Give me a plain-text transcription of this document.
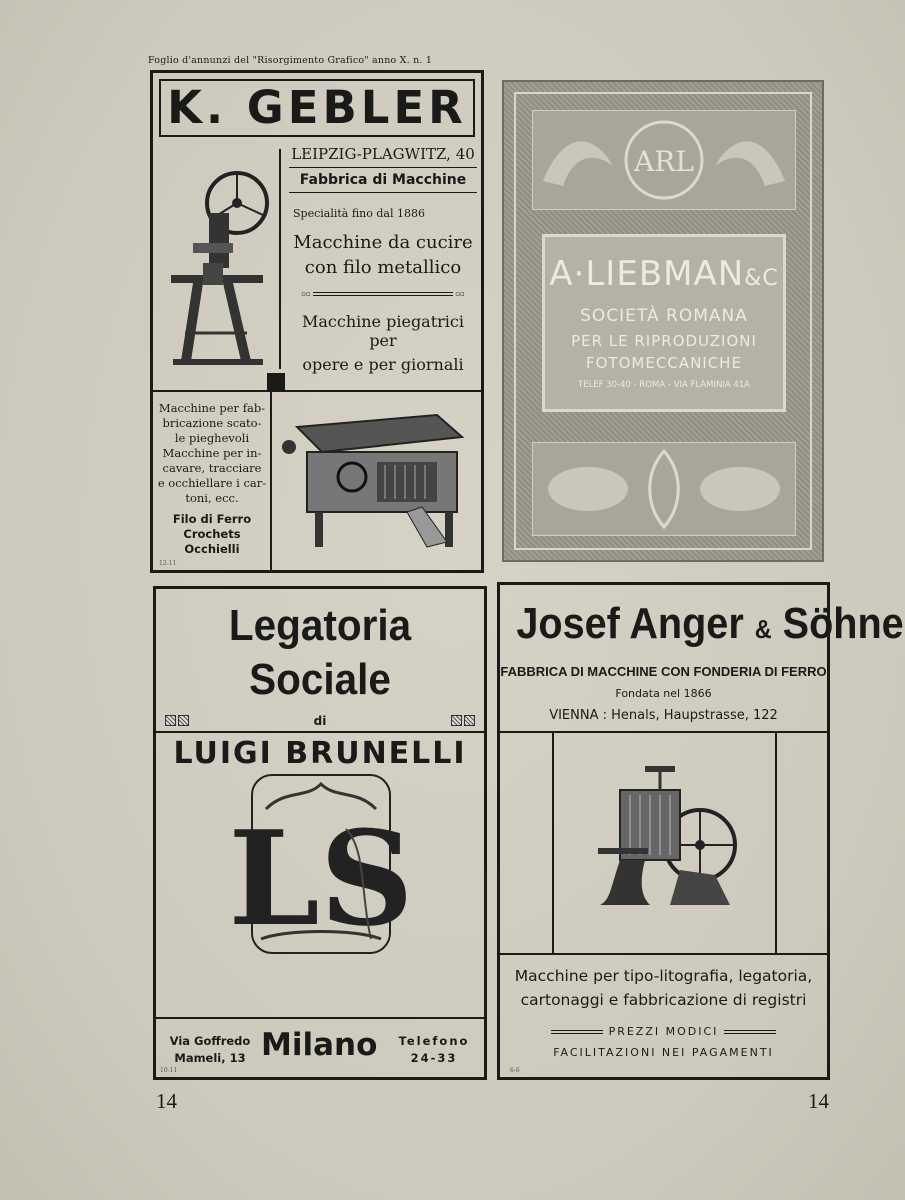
Foglio d'annunzi del "Risorgimento Grafico" anno X. n. 1
K. GEBLER
LEIPZIG-PLAGWITZ, 40
Fabbrica di Macchine
Specialità fino dal 1886
Macchine da cucire
con filo metallico
▫▫	▫▫
Macchine piegatrici per
opere e per giornali
Macchine per fab-
bricazione scato-
le pieghevoli
Macchine per in-
cavare, tracciare
e occhiellare i car-
toni, ecc.
Filo di Ferro
Crochets
Occhielli
12-11
ARL
A·LIEBMAN&C
SOCIETÀ ROMANA
PER LE RIPRODUZIONI
FOTOMECCANICHE
TELEF 30-40 - ROMA - VIA FLAMINIA 41A
Legatoria Sociale
di
LUIGI BRUNELLI
LS
Via Goffredo
Mameli, 13 Milano	Telefono
24-33
10-11
Josef Anger & Söhne
FABBRICA DI MACCHINE CON FONDERIA DI FERRO
Fondata nel 1866
VIENNA : Henals, Haupstrasse, 122
Macchine per tipo-litografia, legatoria,
cartonaggi e fabbricazione di registri
PREZZI MODICI
FACILITAZIONI NEI PAGAMENTI
6-6
14	14
